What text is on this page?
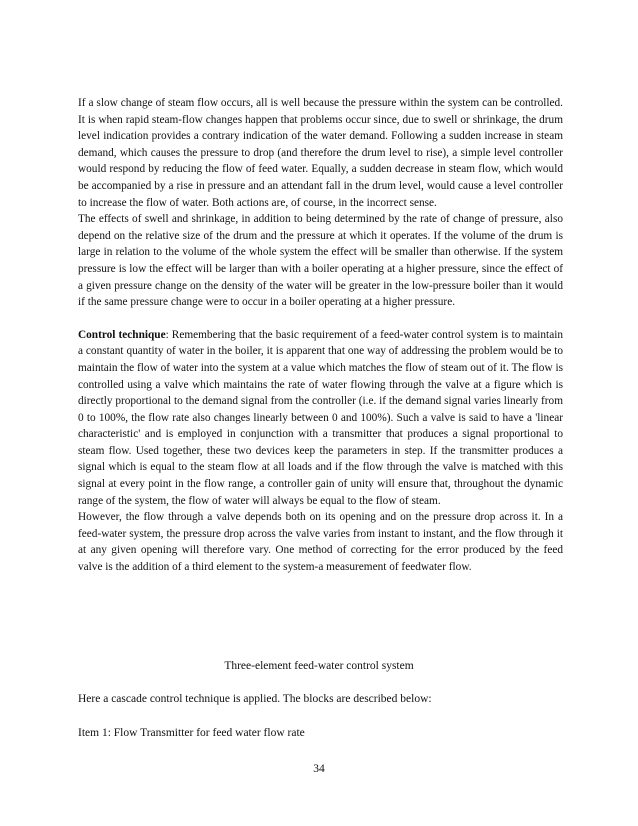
If a slow change of steam flow occurs, all is well because the pressure within the system can be controlled. It is when rapid steam-flow changes happen that problems occur since, due to swell or shrinkage, the drum level indication provides a contrary indication of the water demand. Following a sudden increase in steam demand, which causes the pressure to drop (and therefore the drum level to rise), a simple level controller would respond by reducing the flow of feed water. Equally, a sudden decrease in steam flow, which would be accompanied by a rise in pressure and an attendant fall in the drum level, would cause a level controller to increase the flow of water. Both actions are, of course, in the incorrect sense.

The effects of swell and shrinkage, in addition to being determined by the rate of change of pressure, also depend on the relative size of the drum and the pressure at which it operates. If the volume of the drum is large in relation to the volume of the whole system the effect will be smaller than otherwise. If the system pressure is low the effect will be larger than with a boiler operating at a higher pressure, since the effect of a given pressure change on the density of the water will be greater in the low-pressure boiler than it would if the same pressure change were to occur in a boiler operating at a higher pressure.

Control technique: Remembering that the basic requirement of a feed-water control system is to maintain a constant quantity of water in the boiler, it is apparent that one way of addressing the problem would be to maintain the flow of water into the system at a value which matches the flow of steam out of it. The flow is controlled using a valve which maintains the rate of water flowing through the valve at a figure which is directly proportional to the demand signal from the controller (i.e. if the demand signal varies linearly from 0 to 100%, the flow rate also changes linearly between 0 and 100%). Such a valve is said to have a 'linear characteristic' and is employed in conjunction with a transmitter that produces a signal proportional to steam flow. Used together, these two devices keep the parameters in step. If the transmitter produces a signal which is equal to the steam flow at all loads and if the flow through the valve is matched with this signal at every point in the flow range, a controller gain of unity will ensure that, throughout the dynamic range of the system, the flow of water will always be equal to the flow of steam.

However, the flow through a valve depends both on its opening and on the pressure drop across it. In a feed-water system, the pressure drop across the valve varies from instant to instant, and the flow through it at any given opening will therefore vary. One method of correcting for the error produced by the feed valve is the addition of a third element to the system-a measurement of feedwater flow.

Three-element feed-water control system
Here a cascade control technique is applied. The blocks are described below:
Item 1: Flow Transmitter for feed water flow rate
34
